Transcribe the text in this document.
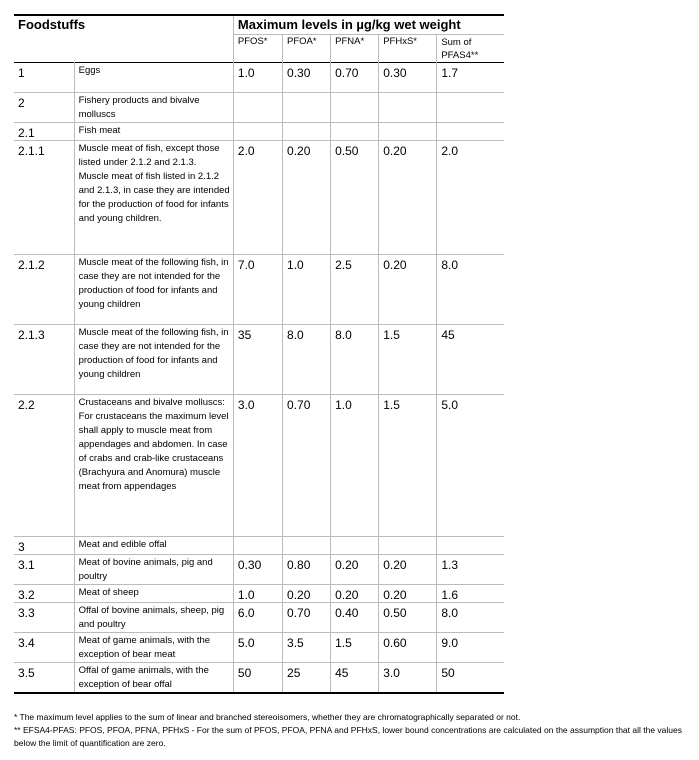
Foodstuffs		Maximum levels in µg/kg wet weight				
		PFOS*	PFOA*	PFNA*	PFHxS*	Sum of PFAS4**
1	Eggs	1.0	0.30	0.70	0.30	1.7
2	Fishery products and bivalve molluscs					
2.1	Fish meat					
2.1.1	Muscle meat of fish, except those listed under 2.1.2 and 2.1.3.
Muscle meat of fish listed in 2.1.2 and 2.1.3, in case they are intended for the production of food for infants and young children.	2.0	0.20	0.50	0.20	2.0
2.1.2	Muscle meat of the following fish, in case they are not intended for the production of food for infants and young children	7.0	1.0	2.5	0.20	8.0
2.1.3	Muscle meat of the following fish, in case they are not intended for the production of food for infants and young children	35	8.0	8.0	1.5	45
2.2	Crustaceans and bivalve molluscs:
For crustaceans the maximum level shall apply to muscle meat from appendages and abdomen. In case of crabs and crab-like crustaceans (Brachyura and Anomura) muscle meat from appendages	3.0	0.70	1.0	1.5	5.0
3	Meat and edible offal					
3.1	Meat of bovine animals, pig and poultry	0.30	0.80	0.20	0.20	1.3
3.2	Meat of sheep	1.0	0.20	0.20	0.20	1.6
3.3	Offal of bovine animals, sheep, pig and poultry	6.0	0.70	0.40	0.50	8.0
3.4	Meat of game animals, with the exception of bear meat	5.0	3.5	1.5	0.60	9.0
3.5	Offal of game animals, with the exception of bear offal	50	25	45	3.0	50
* The maximum level applies to the sum of linear and branched stereoisomers, whether they are chromatographically separated or not.
** EFSA4-PFAS: PFOS, PFOA, PFNA, PFHxS - For the sum of PFOS, PFOA, PFNA and PFHxS, lower bound concentrations are calculated on the assumption that all the values below the limit of quantification are zero.
